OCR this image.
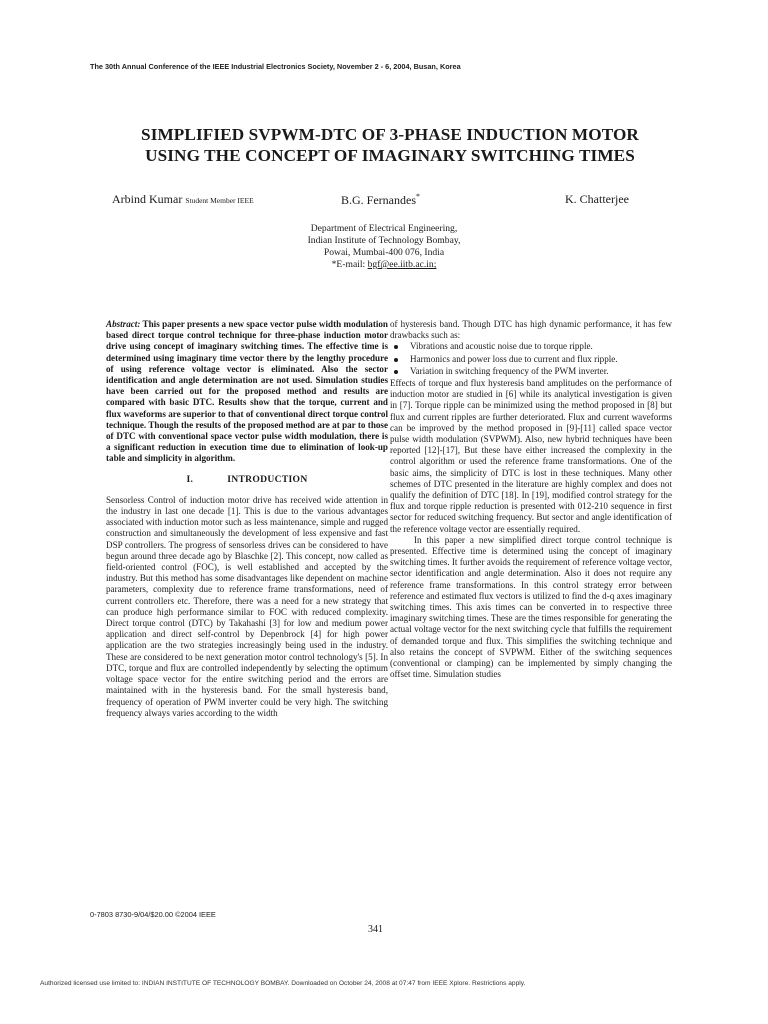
The 30th Annual Conference of the IEEE Industrial Electronics Society, November 2 - 6, 2004, Busan, Korea
SIMPLIFIED SVPWM-DTC OF 3-PHASE INDUCTION MOTOR
USING THE CONCEPT OF IMAGINARY SWITCHING TIMES
Arbind Kumar Student Member IEEE	B.G. Fernandes*	K. Chatterjee
Department of Electrical Engineering,
Indian Institute of Technology Bombay,
Powai, Mumbai-400 076, India
*E-mail: bgf@ee.iitb.ac.in;

Abstract: This paper presents a new space vector pulse width modulation based direct torque control technique for three-phase induction motor drive using concept of imaginary switching times. The effective time is determined using imaginary time vector there by the lengthy procedure of using reference voltage vector is eliminated. Also the sector identification and angle determination are not used. Simulation studies have been carried out for the proposed method and results are compared with basic DTC. Results show that the torque, current and flux waveforms are superior to that of conventional direct torque control technique. Though the results of the proposed method are at par to those of DTC with conventional space vector pulse width modulation, there is a significant reduction in execution time due to elimination of look-up table and simplicity in algorithm.

I.	INTRODUCTION

Sensorless Control of induction motor drive has received wide attention in the industry in last one decade [1]. This is due to the various advantages associated with induction motor such as less maintenance, simple and rugged construction and simultaneously the development of less expensive and fast DSP controllers. The progress of sensorless drives can be considered to have begun around three decade ago by Blaschke [2]. This concept, now called as field-oriented control (FOC), is well established and accepted by the industry. But this method has some disadvantages like dependent on machine parameters, complexity due to reference frame transformations, need of current controllers etc. Therefore, there was a need for a new strategy that can produce high performance similar to FOC with reduced complexity. Direct torque control (DTC) by Takahashi [3] for low and medium power application and direct self-control by Depenbrock [4] for high power application are the two strategies increasingly being used in the industry. These are considered to be next generation motor control technology's [5]. In DTC, torque and flux are controlled independently by selecting the optimum voltage space vector for the entire switching period and the errors are maintained with in the hysteresis band. For the small hysteresis band, frequency of operation of PWM inverter could be very high. The switching frequency always varies according to the width

of hysteresis band. Though DTC has high dynamic performance, it has few drawbacks such as:

Vibrations and acoustic noise due to torque ripple.
Harmonics and power loss due to current and flux ripple.
Variation in switching frequency of the PWM inverter.

Effects of torque and flux hysteresis band amplitudes on the performance of induction motor are studied in [6] while its analytical investigation is given in [7]. Torque ripple can be minimized using the method proposed in [8] but flux and current ripples are further deteriorated. Flux and current waveforms can be improved by the method proposed in [9]-[11] called space vector pulse width modulation (SVPWM). Also, new hybrid techniques have been reported [12]-[17], But these have either increased the complexity in the control algorithm or used the reference frame transformations. One of the basic aims, the simplicity of DTC is lost in these techniques. Many other schemes of DTC presented in the literature are highly complex and does not qualify the definition of DTC [18]. In [19], modified control strategy for the flux and torque ripple reduction is presented with 012-210 sequence in first sector for reduced switching frequency. But sector and angle identification of the reference voltage vector are essentially required.

In this paper a new simplified direct torque control technique is presented. Effective time is determined using the concept of imaginary switching times. It further avoids the requirement of reference voltage vector, sector identification and angle determination. Also it does not require any reference frame transformations. In this control strategy error between reference and estimated flux vectors is utilized to find the d-q axes imaginary switching times. This axis times can be converted in to respective three imaginary switching times. These are the times responsible for generating the actual voltage vector for the next switching cycle that fulfills the requirement of demanded torque and flux. This simplifies the switching technique and also retains the concept of SVPWM. Either of the switching sequences (conventional or clamping) can be implemented by simply changing the offset time. Simulation studies

0-7803 8730-9/04/$20.00 ©2004 IEEE
341
Authorized licensed use limited to: INDIAN INSTITUTE OF TECHNOLOGY BOMBAY. Downloaded on October 24, 2008 at 07:47 from IEEE Xplore. Restrictions apply.
